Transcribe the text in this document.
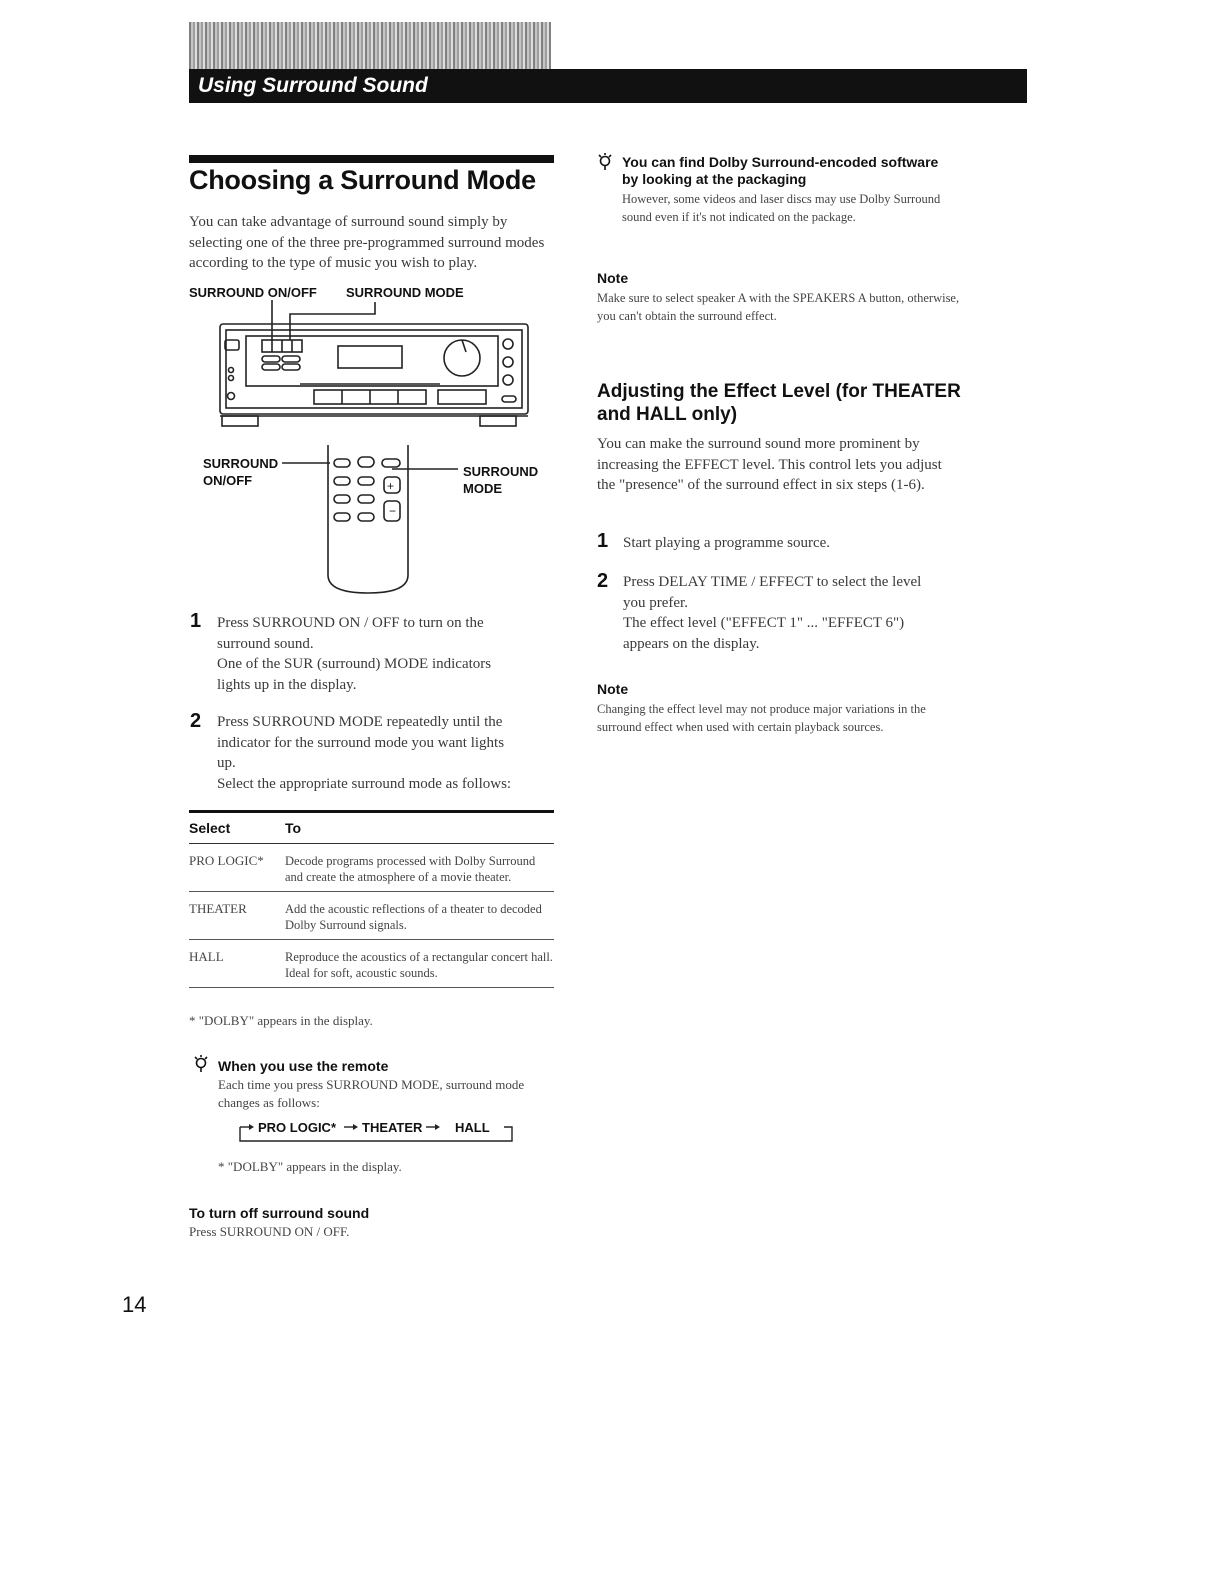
Using Surround Sound
Choosing a Surround Mode
You can take advantage of surround sound simply by selecting one of the three pre-programmed surround modes according to the type of music you wish to play.
SURROUND ON/OFF SURROUND MODE
SURROUND
ON/OFF
SURROUND
MODE
+
−
1 Press SURROUND ON / OFF to turn on the
surround sound.
One of the SUR (surround) MODE indicators
lights up in the display.
2 Press SURROUND MODE repeatedly until the
indicator for the surround mode you want lights
up.
Select the appropriate surround mode as follows:
Select	To
PRO LOGIC*	Decode programs processed with Dolby Surround and create the atmosphere of a movie theater.
THEATER	Add the acoustic reflections of a theater to decoded Dolby Surround signals.
HALL	Reproduce the acoustics of a rectangular concert hall. Ideal for soft, acoustic sounds.
* "DOLBY" appears in the display.
When you use the remote
Each time you press SURROUND MODE, surround mode changes as follows:
PRO LOGIC* THEATER	HALL
* "DOLBY" appears in the display.
To turn off surround sound
Press SURROUND ON / OFF.
You can find Dolby Surround-encoded software by looking at the packaging
However, some videos and laser discs may use Dolby Surround sound even if it's not indicated on the package.
Note
Make sure to select speaker A with the SPEAKERS A button, otherwise, you can't obtain the surround effect.
Adjusting the Effect Level (for THEATER and HALL only)
You can make the surround sound more prominent by increasing the EFFECT level. This control lets you adjust the "presence" of the surround effect in six steps (1-6).
1 Start playing a programme source.
2 Press DELAY TIME / EFFECT to select the level
you prefer.
The effect level ("EFFECT 1" ... "EFFECT 6")
appears on the display.
Note
Changing the effect level may not produce major variations in the surround effect when used with certain playback sources.
14
